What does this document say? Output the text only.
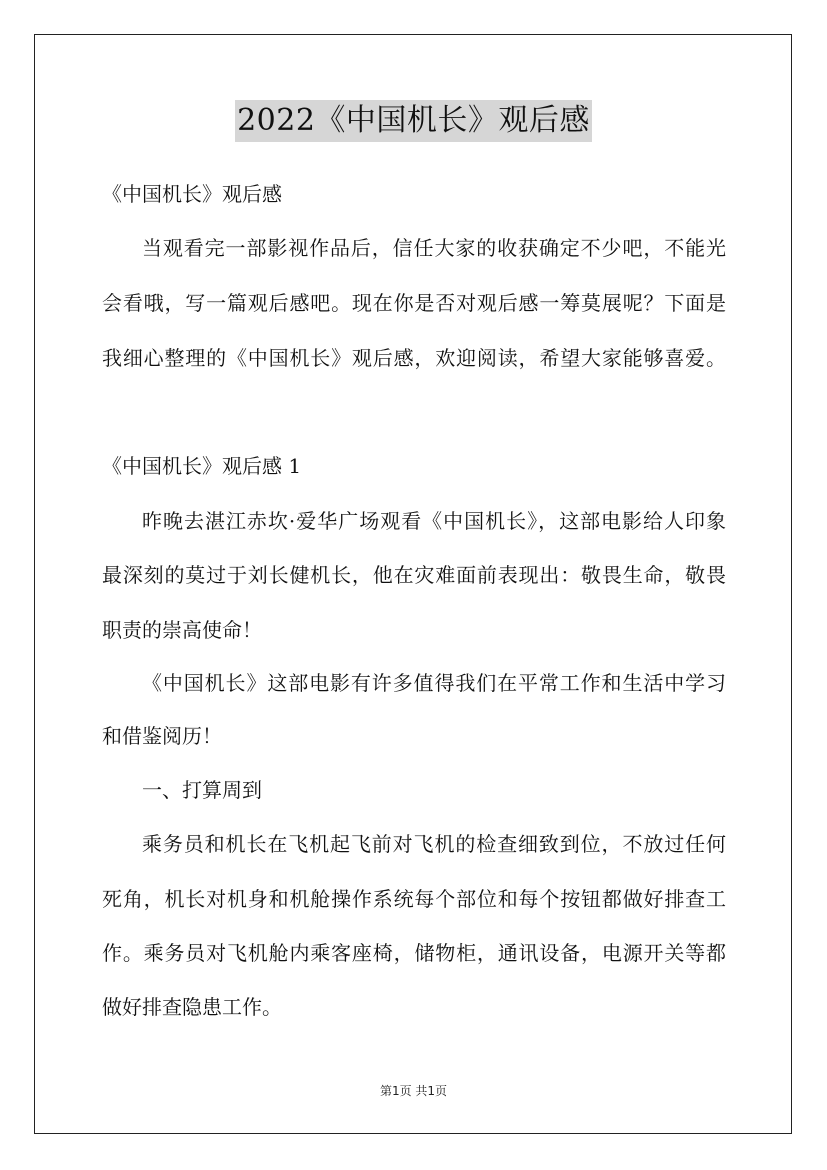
2022《中国机长》观后感
《中国机长》观后感
当观看完一部影视作品后，信任大家的收获确定不少吧，不能光
会看哦，写一篇观后感吧。现在你是否对观后感一筹莫展呢？下面是
我细心整理的《中国机长》观后感，欢迎阅读，希望大家能够喜爱。
《中国机长》观后感 1
昨晚去湛江赤坎·爱华广场观看《中国机长》，这部电影给人印象
最深刻的莫过于刘长健机长，他在灾难面前表现出：敬畏生命，敬畏
职责的崇高使命！
《中国机长》这部电影有许多值得我们在平常工作和生活中学习
和借鉴阅历！
一、打算周到
乘务员和机长在飞机起飞前对飞机的检查细致到位，不放过任何
死角，机长对机身和机舱操作系统每个部位和每个按钮都做好排查工
作。乘务员对飞机舱内乘客座椅，储物柜，通讯设备，电源开关等都
做好排查隐患工作。
第1页 共1页
